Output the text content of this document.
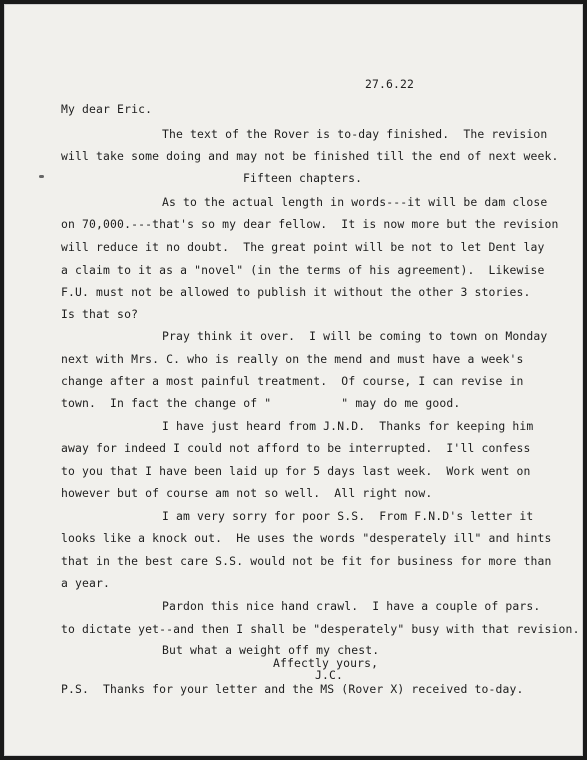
27.6.22
My dear Eric.
The text of the Rover is to-day finished.  The revision
will take some doing and may not be finished till the end of next week.
Fifteen chapters.
As to the actual length in words---it will be dam close
on 70,000.---that's so my dear fellow.  It is now more but the revision
will reduce it no doubt.  The great point will be not to let Dent lay
a claim to it as a "novel" (in the terms of his agreement).  Likewise
F.U. must not be allowed to publish it without the other 3 stories.
Is that so?
Pray think it over.  I will be coming to town on Monday
next with Mrs. C. who is really on the mend and must have a week's
change after a most painful treatment.  Of course, I can revise in
town.  In fact the change of "          " may do me good.
I have just heard from J.N.D.  Thanks for keeping him
away for indeed I could not afford to be interrupted.  I'll confess
to you that I have been laid up for 5 days last week.  Work went on
however but of course am not so well.  All right now.
I am very sorry for poor S.S.  From F.N.D's letter it
looks like a knock out.  He uses the words "desperately ill" and hints
that in the best care S.S. would not be fit for business for more than
a year.
Pardon this nice hand crawl.  I have a couple of pars.
to dictate yet--and then I shall be "desperately" busy with that revision.
But what a weight off my chest.
Affectly yours,
J.C.
P.S.  Thanks for your letter and the MS (Rover X) received to-day.
